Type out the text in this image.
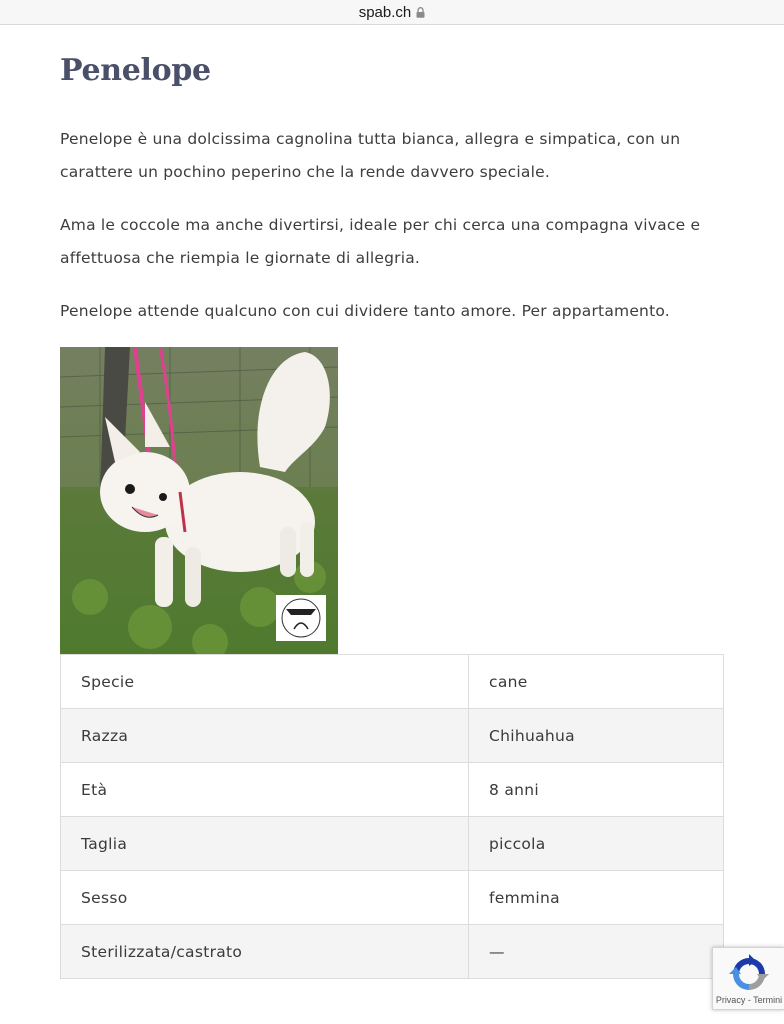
spab.ch
Penelope

Penelope è una dolcissima cagnolina tutta bianca, allegra e simpatica, con un carattere un pochino peperino che la rende davvero speciale.

Ama le coccole ma anche divertirsi, ideale per chi cerca una compagna vivace e affettuosa che riempia le giornate di allegria.

Penelope attende qualcuno con cui dividere tanto amore. Per appartamento.

Specie	cane
Razza	Chihuahua
Età	8 anni
Taglia	piccola
Sesso	femmina
Sterilizzata/castrato	—
Privacy - Termini
